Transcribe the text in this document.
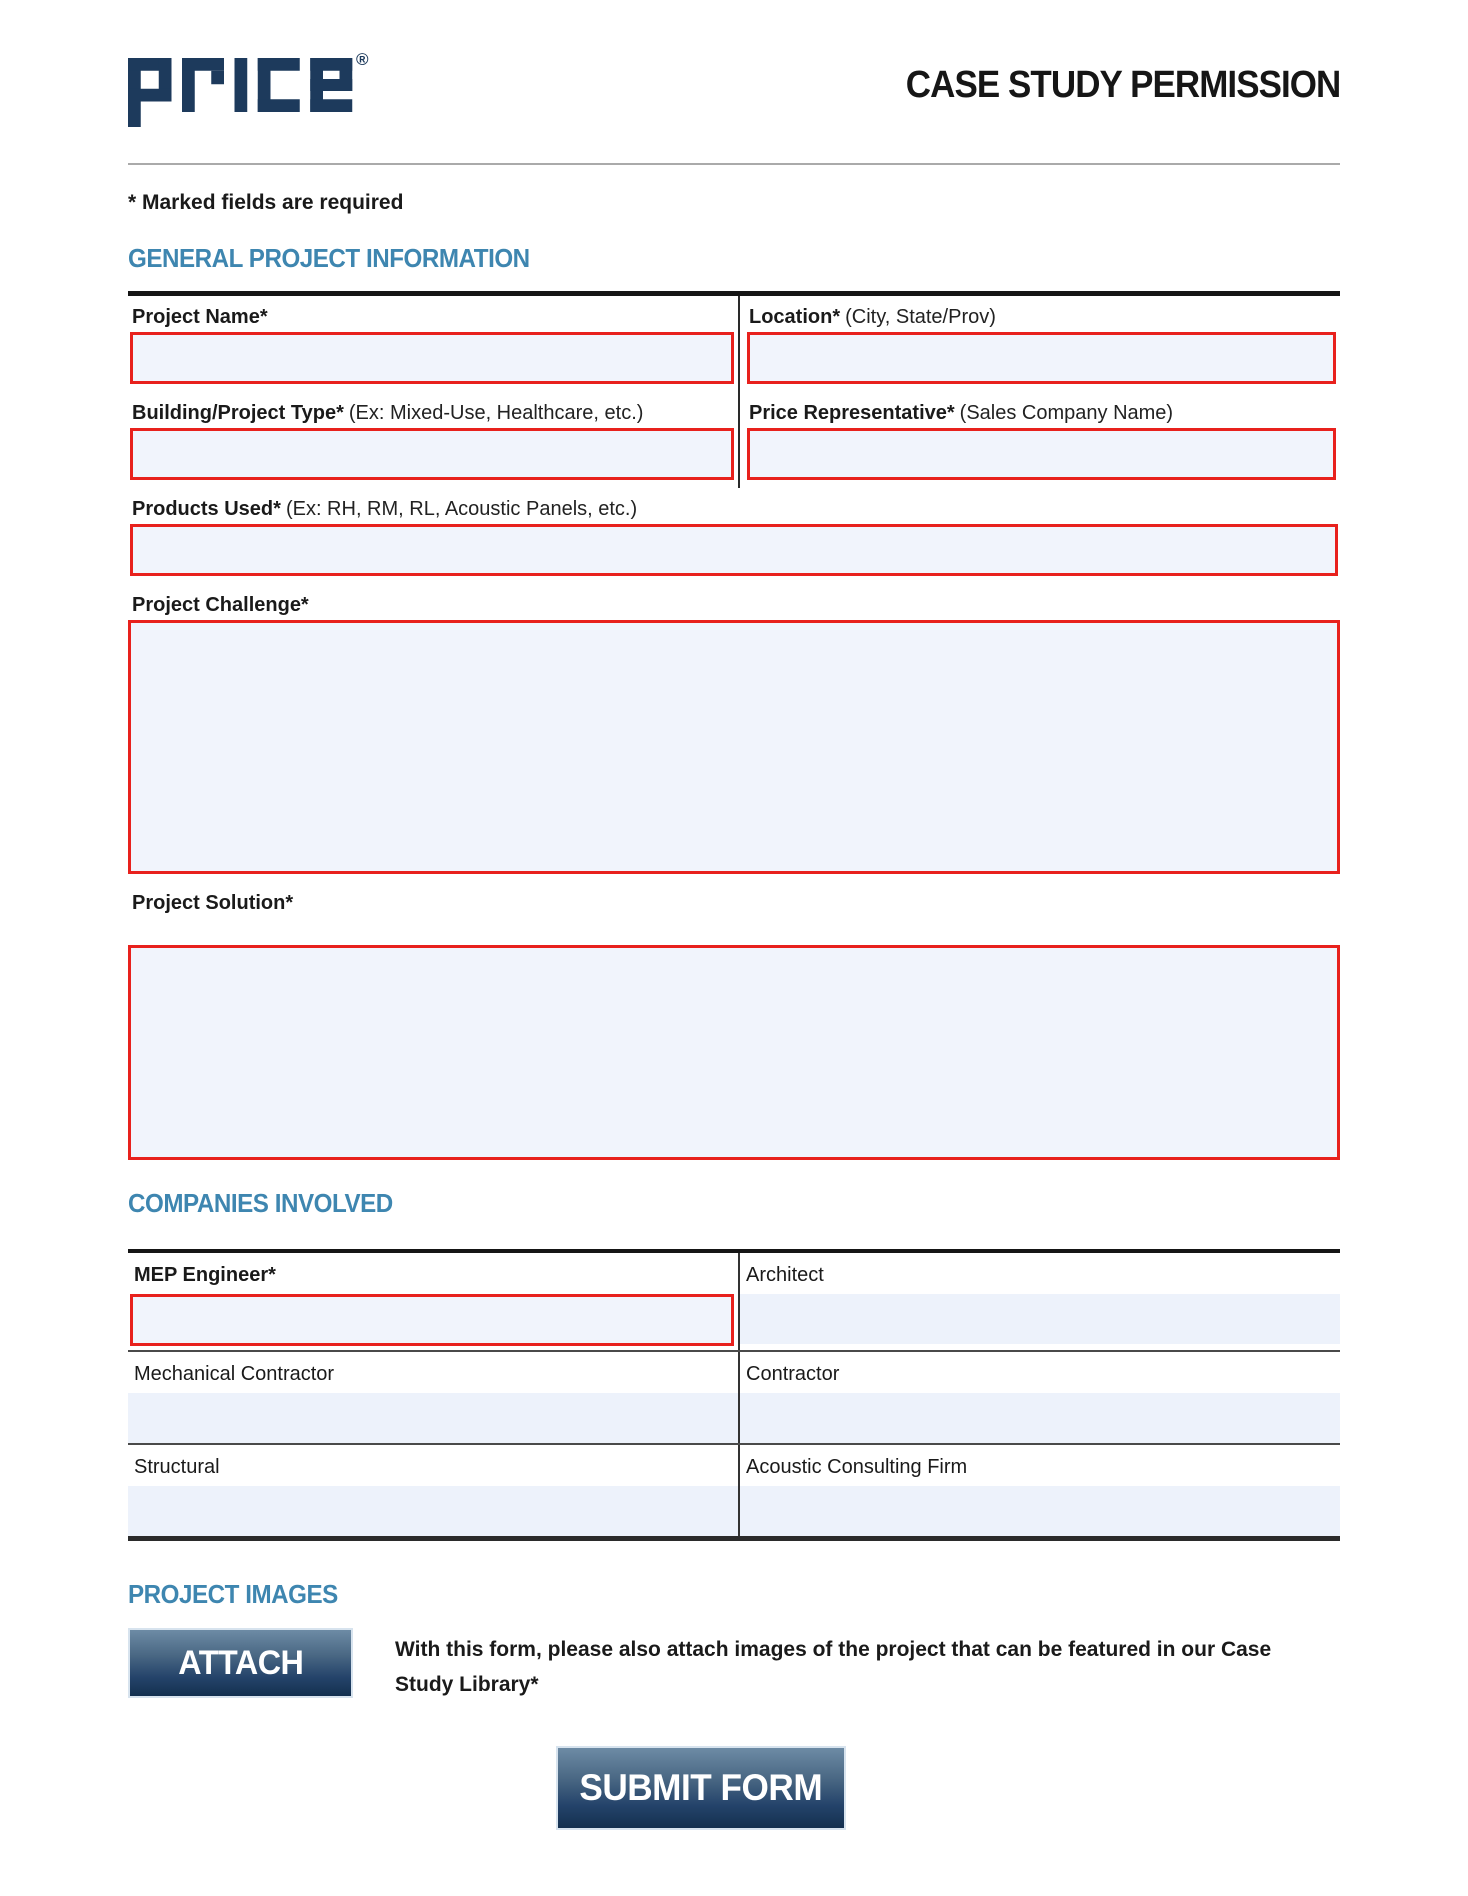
®
CASE STUDY PERMISSION

* Marked fields are required

GENERAL PROJECT INFORMATION
Project Name*	Location* (City, State/Prov)
Building/Project Type* (Ex: Mixed-Use, Healthcare, etc.)	Price Representative* (Sales Company Name)
Products Used* (Ex: RH, RM, RL, Acoustic Panels, etc.)
Project Challenge*
Project Solution*
COMPANIES INVOLVED
MEP Engineer*	Architect
Mechanical Contractor	Contractor
Structural	Acoustic Consulting Firm
PROJECT IMAGES
ATTACH	With this form, please also attach images of the project that can be featured in our Case Study Library*
SUBMIT FORM
